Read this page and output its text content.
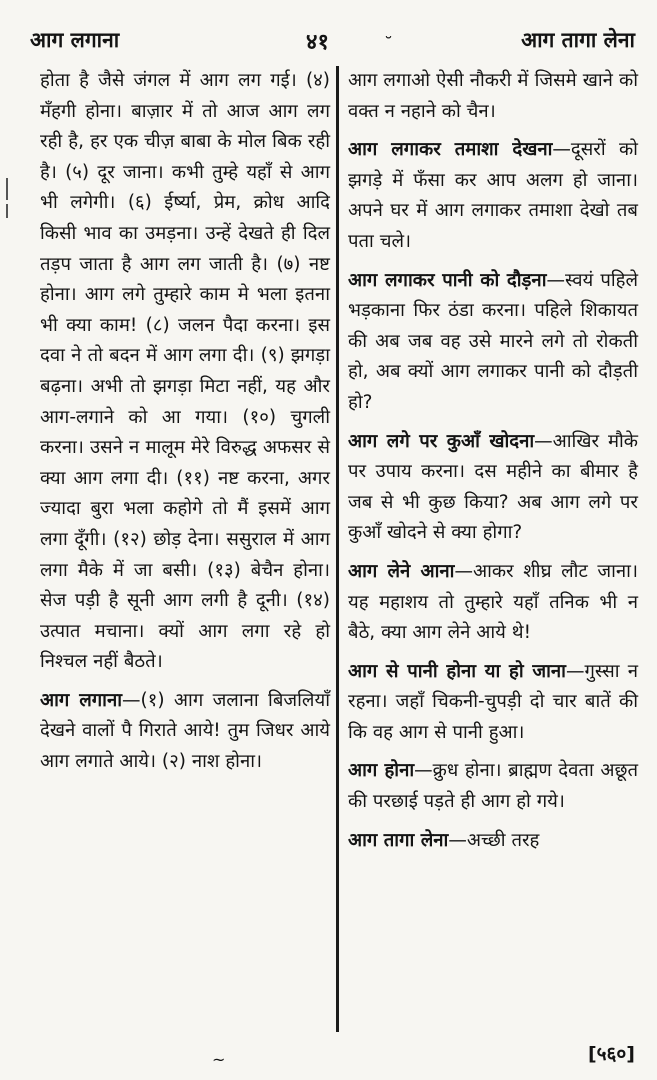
आग लगाना	४१	˘	आग तागा लेना

होता है जैसे जंगल में आग लग गई। (४) मँहगी होना। बाज़ार में तो आज आग लग रही है, हर एक चीज़ बाबा के मोल बिक रही है। (५) दूर जाना। कभी तुम्हे यहाँ से आग भी लगेगी। (६) ईर्ष्या, प्रेम, क्रोध आदि किसी भाव का उमड़ना। उन्हें देखते ही दिल तड़प जाता है आग लग जाती है। (७) नष्ट होना। आग लगे तुम्हारे काम मे भला इतना भी क्या काम! (८) जलन पैदा करना। इस दवा ने तो बदन में आग लगा दी। (९) झगड़ा बढ़ना। अभी तो झगड़ा मिटा नहीं, यह और आग-लगाने को आ गया। (१०) चुगली करना। उसने न मालूम मेरे विरुद्ध अफसर से क्या आग लगा दी। (११) नष्ट करना, अगर ज्यादा बुरा भला कहोगे तो मैं इसमें आग लगा दूँगी। (१२) छोड़ देना। ससुराल में आग लगा मैके में जा बसी। (१३) बेचैन होना। सेज पड़ी है सूनी आग लगी है दूनी। (१४) उत्पात मचाना। क्यों आग लगा रहे हो निश्चल नहीं बैठते।

आग लगाना—(१) आग जलाना बिजलियाँ देखने वालों पै गिराते आये! तुम जिधर आये आग लगाते आये। (२) नाश होना।

आग लगाओ ऐसी नौकरी में जिसमे खाने को वक्त न नहाने को चैन।

आग लगाकर तमाशा देखना—दूसरों को झगड़े में फँसा कर आप अलग हो जाना। अपने घर में आग लगाकर तमाशा देखो तब पता चले।

आग लगाकर पानी को दौड़ना—स्वयं पहिले भड़काना फिर ठंडा करना। पहिले शिकायत की अब जब वह उसे मारने लगे तो रोकती हो, अब क्यों आग लगाकर पानी को दौड़ती हो?

आग लगे पर कुआँ खोदना—आखिर मौके पर उपाय करना। दस महीने का बीमार है जब से भी कुछ किया? अब आग लगे पर कुआँ खोदने से क्या होगा?

आग लेने आना—आकर शीघ्र लौट जाना। यह महाशय तो तुम्हारे यहाँ तनिक भी न बैठे, क्या आग लेने आये थे!

आग से पानी होना या हो जाना—गुस्सा न रहना। जहाँ चिकनी-चुपड़ी दो चार बातें की कि वह आग से पानी हुआ।

आग होना—क्रुध होना। ब्राह्मण देवता अछूत की परछाई पड़ते ही आग हो गये।

आग तागा लेना—अच्छी तरह

~	[५६०]
